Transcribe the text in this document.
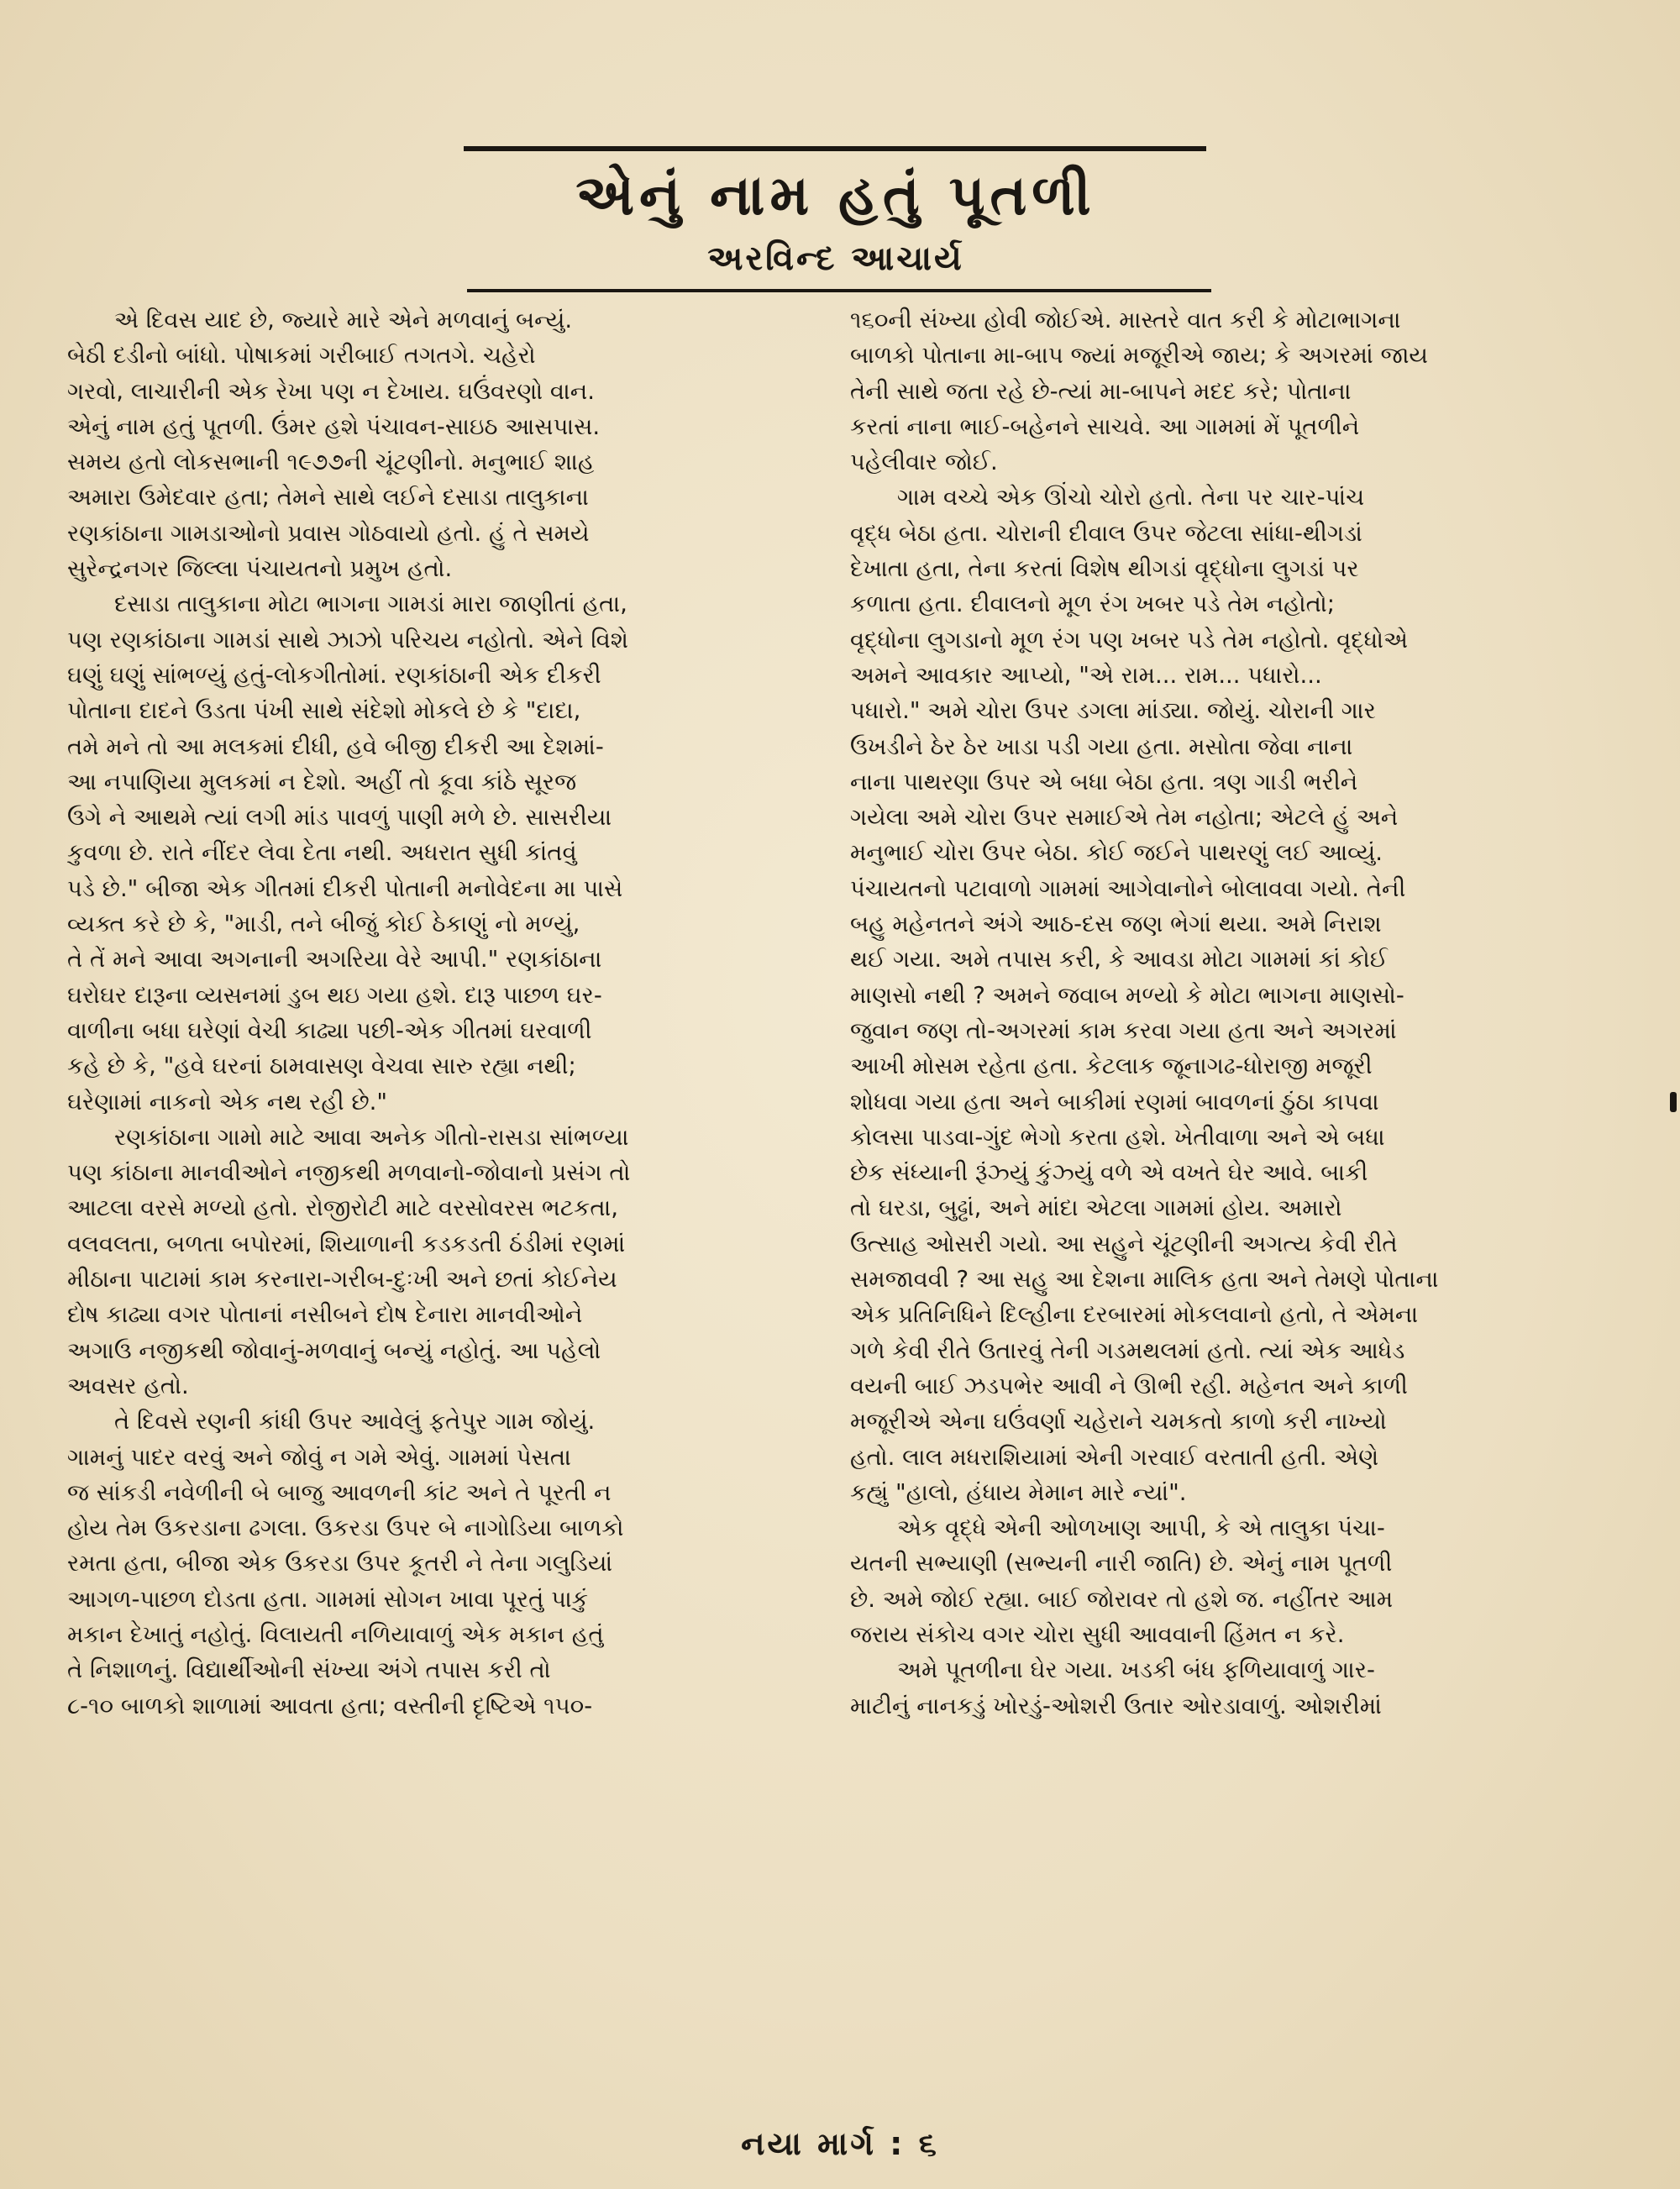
એનું નામ હતું પૂતળી
અરવિન્દ આચાર્ય
એ દિવસ યાદ છે, જ્યારે મારે એને મળવાનું બન્યું.
બેઠી દડીનો બાંધો. પોષાકમાં ગરીબાઈ તગતગે. ચહેરો
ગરવો, લાચારીની એક રેખા પણ ન દેખાય. ઘઉંવરણો વાન.
એનું નામ હતું પૂતળી. ઉંમર હશે પંચાવન-સાઇઠ આસપાસ.
સમય હતો લોકસભાની ૧૯૭૭ની ચૂંટણીનો. મનુભાઈ શાહ
અમારા ઉમેદવાર હતા; તેમને સાથે લઈને દસાડા તાલુકાના
રણકાંઠાના ગામડાઓનો પ્રવાસ ગોઠવાયો હતો. હું તે સમયે
સુરેન્દ્રનગર જિલ્લા પંચાયતનો પ્રમુખ હતો.
દસાડા તાલુકાના મોટા ભાગના ગામડાં મારા જાણીતાં હતા,
પણ રણકાંઠાના ગામડાં સાથે ઝાઝો પરિચય નહોતો. એને વિશે
ઘણું ઘણું સાંભળ્યું હતું-લોકગીતોમાં. રણકાંઠાની એક દીકરી
પોતાના દાદને ઉડતા પંખી સાથે સંદેશો મોકલે છે કે "દાદા,
તમે મને તો આ મલકમાં દીધી, હવે બીજી દીકરી આ દેશમાં-
આ નપાણિયા મુલકમાં ન દેશો. અહીં તો કૂવા કાંઠે સૂરજ
ઉગે ને આથમે ત્યાં લગી માંડ પાવળું પાણી મળે છે. સાસરીયા
કુવળા છે. રાતે નીંદર લેવા દેતા નથી. અધરાત સુધી કાંતવું
પડે છે." બીજા એક ગીતમાં દીકરી પોતાની મનોવેદના મા પાસે
વ્યક્ત કરે છે કે, "માડી, તને બીજું કોઈ ઠેકાણું નો મળ્યું,
તે તેં મને આવા અગનાની અગરિયા વેરે આપી." રણકાંઠાના
ઘરોઘર દારૂના વ્યસનમાં ડુબ થઇ ગયા હશે. દારૂ પાછળ ઘર-
વાળીના બધા ઘરેણાં વેચી કાઢ્યા પછી-એક ગીતમાં ઘરવાળી
કહે છે કે, "હવે ઘરનાં ઠામવાસણ વેચવા સારુ રહ્યા નથી;
ઘરેણામાં નાકનો એક નથ રહી છે."
રણકાંઠાના ગામો માટે આવા અનેક ગીતો-રાસડા સાંભળ્યા
પણ કાંઠાના માનવીઓને નજીકથી મળવાનો-જોવાનો પ્રસંગ તો
આટલા વરસે મળ્યો હતો. રોજીરોટી માટે વરસોવરસ ભટકતા,
વલવલતા, બળતા બપોરમાં, શિયાળાની કડકડતી ઠંડીમાં રણમાં
મીઠાના પાટામાં કામ કરનારા-ગરીબ-દુઃખી અને છતાં કોઈનેય
દોષ કાઢ્યા વગર પોતાનાં નસીબને દોષ દેનારા માનવીઓને
અગાઉ નજીકથી જોવાનું-મળવાનું બન્યું નહોતું. આ પહેલો
અવસર હતો.
તે દિવસે રણની કાંધી ઉપર આવેલું ફતેપુર ગામ જોયું.
ગામનું પાદર વરવું અને જોવું ન ગમે એવું. ગામમાં પેસતા
જ સાંકડી નવેળીની બે બાજુ આવળની કાંટ અને તે પૂરતી ન
હોય તેમ ઉકરડાના ઢગલા. ઉકરડા ઉપર બે નાગોડિયા બાળકો
રમતા હતા, બીજા એક ઉકરડા ઉપર કૂતરી ને તેના ગલુડિયાં
આગળ-પાછળ દોડતા હતા. ગામમાં સોગન ખાવા પૂરતું પાકું
મકાન દેખાતું નહોતું. વિલાયતી નળિયાવાળું એક મકાન હતું
તે નિશાળનું. વિદ્યાર્થીઓની સંખ્યા અંગે તપાસ કરી તો
૮-૧૦ બાળકો શાળામાં આવતા હતા; વસ્તીની દૃષ્ટિએ ૧૫૦-
૧૬૦ની સંખ્યા હોવી જોઈએ. માસ્તરે વાત કરી કે મોટાભાગના
બાળકો પોતાના મા-બાપ જ્યાં મજૂરીએ જાય; કે અગરમાં જાય
તેની સાથે જતા રહે છે-ત્યાં મા-બાપને મદદ કરે; પોતાના
કરતાં નાના ભાઈ-બહેનને સાચવે. આ ગામમાં મેં પૂતળીને
પહેલીવાર જોઈ.
ગામ વચ્ચે એક ઊંચો ચોરો હતો. તેના પર ચાર-પાંચ
વૃદ્ધ બેઠા હતા. ચોરાની દીવાલ ઉપર જેટલા સાંધા-થીગડાં
દેખાતા હતા, તેના કરતાં વિશેષ થીગડાં વૃદ્ધોના લુગડાં પર
કળાતા હતા. દીવાલનો મૂળ રંગ ખબર પડે તેમ નહોતો;
વૃદ્ધોના લુગડાનો મૂળ રંગ પણ ખબર પડે તેમ નહોતો. વૃદ્ધોએ
અમને આવકાર આપ્યો, "એ રામ... રામ... પધારો...
પધારો." અમે ચોરા ઉપર ડગલા માંડ્યા. જોયું. ચોરાની ગાર
ઉખડીને ઠેર ઠેર ખાડા પડી ગયા હતા. મસોતા જેવા નાના
નાના પાથરણા ઉપર એ બધા બેઠા હતા. ત્રણ ગાડી ભરીને
ગયેલા અમે ચોરા ઉપર સમાઈએ તેમ નહોતા; એટલે હું અને
મનુભાઈ ચોરા ઉપર બેઠા. કોઈ જઈને પાથરણું લઈ આવ્યું.
પંચાયતનો પટાવાળો ગામમાં આગેવાનોને બોલાવવા ગયો. તેની
બહુ મહેનતને અંગે આઠ-દસ જણ ભેગાં થયા. અમે નિરાશ
થઈ ગયા. અમે તપાસ કરી, કે આવડા મોટા ગામમાં કાં કોઈ
માણસો નથી ? અમને જવાબ મળ્યો કે મોટા ભાગના માણસો-
જુવાન જણ તો-અગરમાં કામ કરવા ગયા હતા અને અગરમાં
આખી મોસમ રહેતા હતા. કેટલાક જૂનાગઢ-ધોરાજી મજૂરી
શોધવા ગયા હતા અને બાકીમાં રણમાં બાવળનાં ઠુંઠા કાપવા
કોલસા પાડવા-ગુંદ ભેગો કરતા હશે. ખેતીવાળા અને એ બધા
છેક સંધ્યાની રૂંઝ્યું કુંઝ્યું વળે એ વખતે ઘેર આવે. બાકી
તો ઘરડા, બુઢ્ઢાં, અને માંદા એટલા ગામમાં હોય. અમારો
ઉત્સાહ ઓસરી ગયો. આ સહુને ચૂંટણીની અગત્ય કેવી રીતે
સમજાવવી ? આ સહુ આ દેશના માલિક હતા અને તેમણે પોતાના
એક પ્રતિનિધિને દિલ્હીના દરબારમાં મોકલવાનો હતો, તે એમના
ગળે કેવી રીતે ઉતારવું તેની ગડમથલમાં હતો. ત્યાં એક આધેડ
વયની બાઈ ઝડપભેર આવી ને ઊભી રહી. મહેનત અને કાળી
મજૂરીએ એના ઘઉંવર્ણા ચહેરાને ચમકતો કાળો કરી નાખ્યો
હતો. લાલ મધરાશિયામાં એની ગરવાઈ વરતાતી હતી. એણે
કહ્યું "હાલો, હંધાય મેમાન મારે ન્યાં".
એક વૃદ્ધે એની ઓળખાણ આપી, કે એ તાલુકા પંચા-
યતની સભ્યાણી (સભ્યની નારી જાતિ) છે. એનું નામ પૂતળી
છે. અમે જોઈ રહ્યા. બાઈ જોરાવર તો હશે જ. નહીંતર આમ
જરાય સંકોચ વગર ચોરા સુધી આવવાની હિંમત ન કરે.
અમે પૂતળીના ઘેર ગયા. ખડકી બંધ ફળિયાવાળું ગાર-
માટીનું નાનકડું ખોરડું-ઓશરી ઉતાર ઓરડાવાળું. ઓશરીમાં
નયા માર્ગ : ૬
